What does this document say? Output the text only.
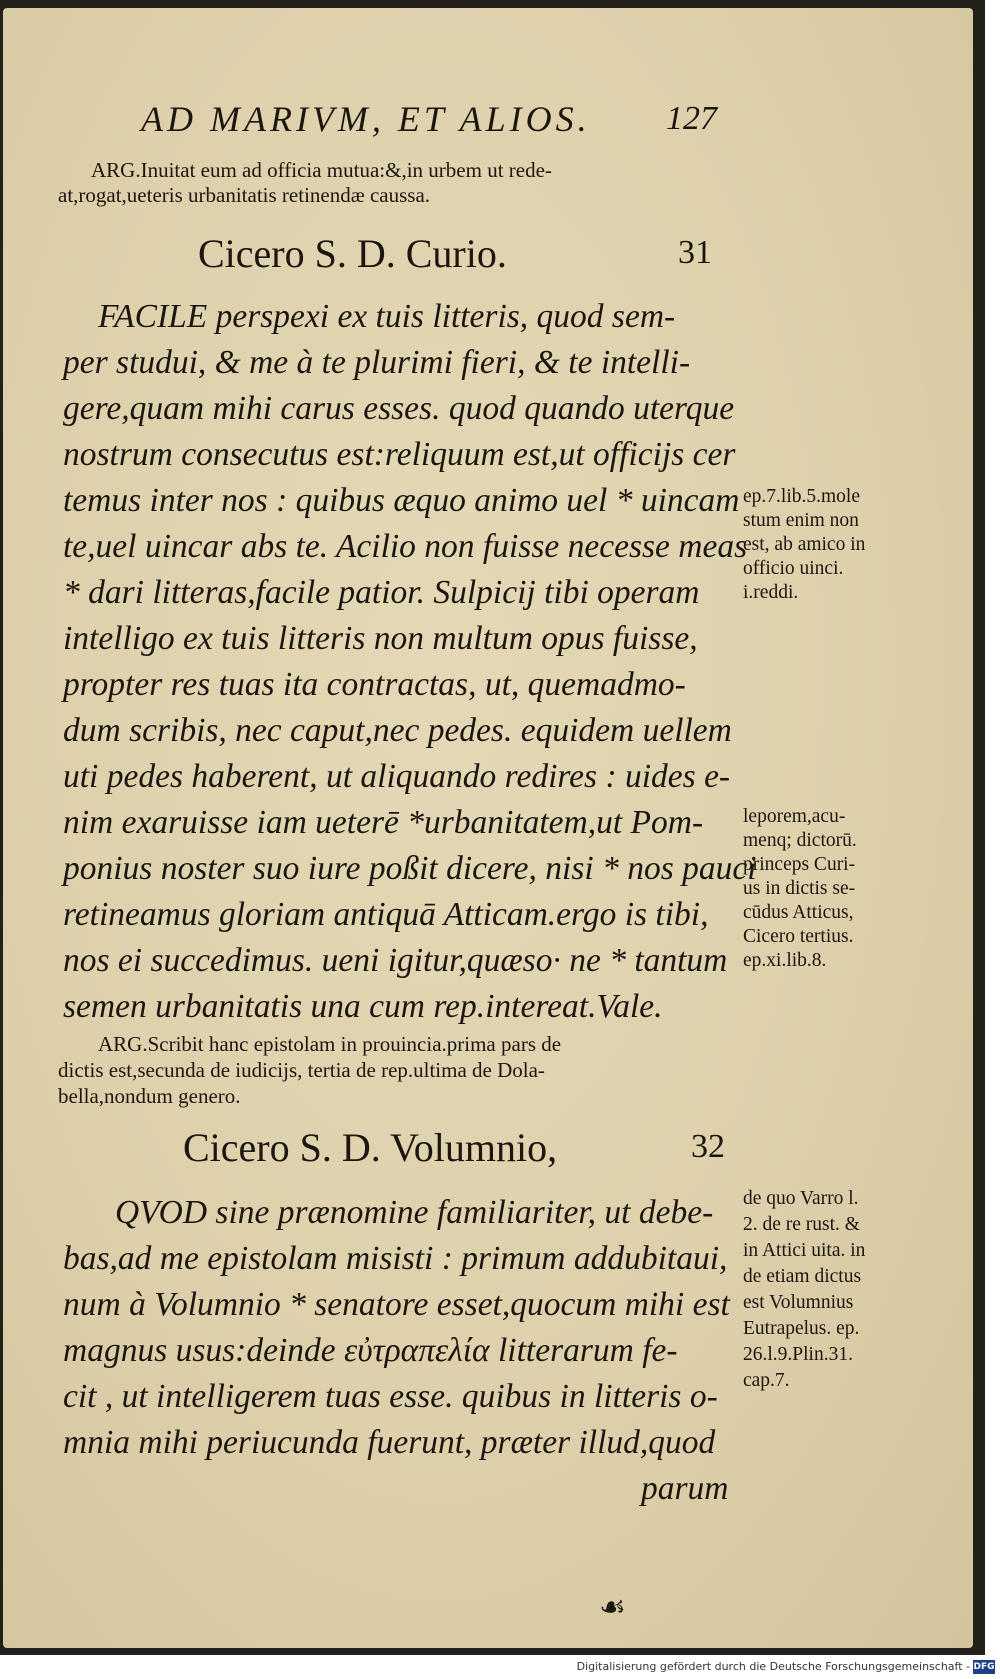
AD MARIVM, ET ALIOS. 127
ARG.Inuitat eum ad officia mutua:&,in urbem ut rede-
at,rogat,ueteris urbanitatis retinendæ caussa.
Cicero S. D. Curio.	31
FACILE perspexi ex tuis litteris, quod sem-
per studui, & me à te plurimi fieri, & te intelli-
gere,quam mihi carus esses. quod quando uterque
nostrum consecutus est:reliquum est,ut officijs cer
temus inter nos : quibus æquo animo uel * uincam
te,uel uincar abs te. Acilio non fuisse necesse meas
* dari litteras,facile patior. Sulpicij tibi operam
intelligo ex tuis litteris non multum opus fuisse,
propter res tuas ita contractas, ut, quemadmo-
dum scribis, nec caput,nec pedes. equidem uellem
uti pedes haberent, ut aliquando redires : uides e-
nim exaruisse iam ueterē *urbanitatem,ut Pom-
ponius noster suo iure poßit dicere, nisi * nos pauci
retineamus gloriam antiquā Atticam.ergo is tibi,
nos ei succedimus. ueni igitur,quæso· ne * tantum
semen urbanitatis una cum rep.intereat.Vale.
ep.7.lib.5.mole
stum enim non
est, ab amico in
officio uinci.
i.reddi.
leporem,acu-
menq; dictorū.
princeps Curi-
us in dictis se-
cūdus Atticus,
Cicero tertius.
ep.xi.lib.8.
ARG.Scribit hanc epistolam in prouincia.prima pars de
dictis est,secunda de iudicijs, tertia de rep.ultima de Dola-
bella,nondum genero.
Cicero S. D. Volumnio,	32
QVOD sine prænomine familiariter, ut debe-
bas,ad me epistolam misisti : primum addubitaui,
num à Volumnio * senatore esset,quocum mihi est
magnus usus:deinde εὐτραπελία litterarum fe-
cit , ut intelligerem tuas esse. quibus in litteris o-
mnia mihi periucunda fuerunt, præter illud,quod
parum
de quo Varro l.
2. de re rust. &
in Attici uita. in
de etiam dictus
est Volumnius
Eutrapelus. ep.
26.l.9.Plin.31.
cap.7.
☙
Digitalisierung gefördert durch die Deutsche Forschungsgemeinschaft - DFG
